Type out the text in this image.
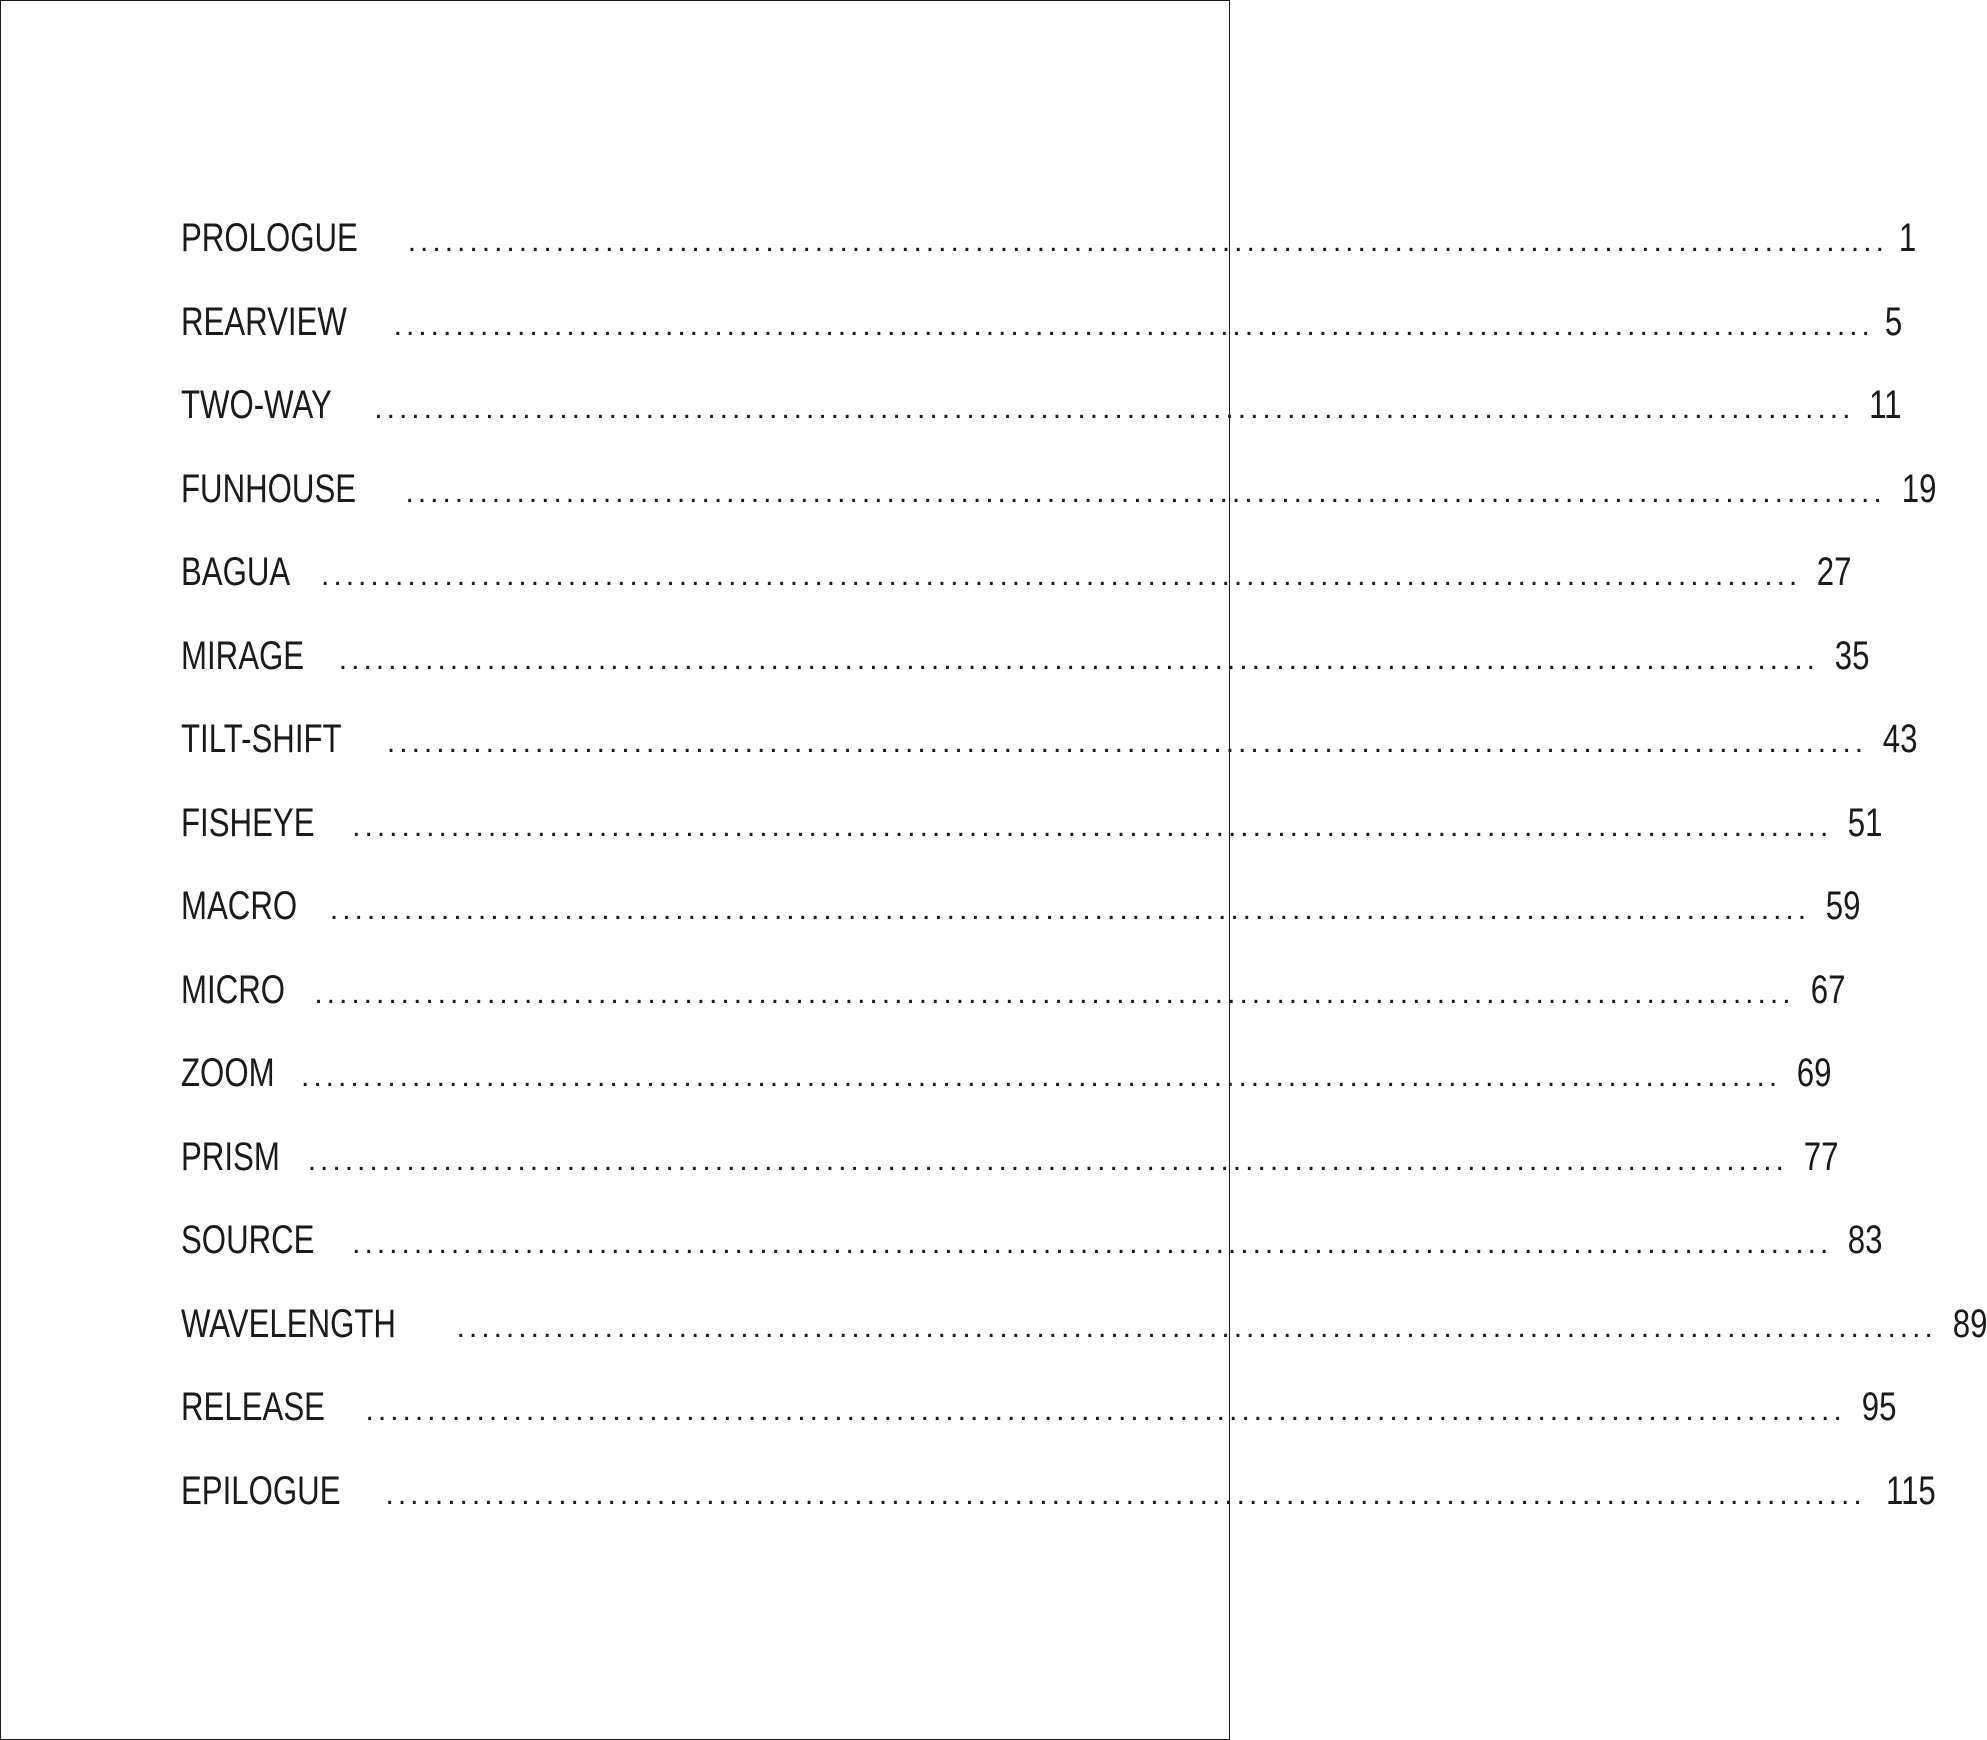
PROLOGUE ........................................................................................................................ 1
REARVIEW ........................................................................................................................ 5
TWO-WAY ........................................................................................................................ 11
FUNHOUSE ........................................................................................................................ 19
BAGUA ........................................................................................................................ 27
MIRAGE ........................................................................................................................ 35
TILT-SHIFT ........................................................................................................................ 43
FISHEYE ........................................................................................................................ 51
MACRO ........................................................................................................................ 59
MICRO ........................................................................................................................ 67
ZOOM ........................................................................................................................ 69
PRISM ........................................................................................................................ 77
SOURCE ........................................................................................................................ 83
WAVELENGTH ........................................................................................................................ 89
RELEASE ........................................................................................................................ 95
EPILOGUE ........................................................................................................................ 115
